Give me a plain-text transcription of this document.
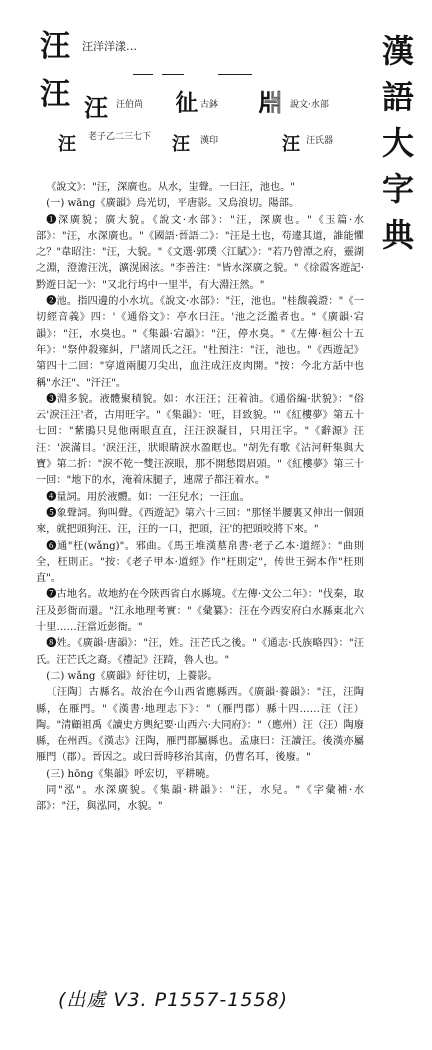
漢
語
大
字
典
汪 汪洋洋漾…
汪 汪 汪伯尚 𢓊 古鉢 𣶒 說文·水部
汪 老子乙二三七下 汪 漢印	汪 汪氏器

《說文》："汪，深廣也。从水，㞷聲。一曰汪，池也。"

(一) wāng《廣韻》烏光切，平唐影。又烏浪切。陽部。

❶深廣貌；廣大貌。《說文·水部》："汪，深廣也。"《玉篇·水部》："汪，水深廣也。"《國語·晉語二》："汪是土也，苟違其道，誰能懼之？"韋昭注："汪，大貌。"《文選·郭璞〈江賦〉》："若乃曾潭之府，靈湖之淵，澄澹汪洸，瀇滉囦泫。"李善注："皆水深廣之貌。"《徐霞客遊記·黔遊日記一》："又北行坞中一里半，有大淵汪然。"

❷池。指四邊的小水坑。《說文·水部》："汪，池也。"桂馥義證："《一切經音義》四：'《通俗文》：亭水曰汪。'池之泛濫者也。"《廣韻·宕韻》："汪，水臭也。"《集韻·宕韻》："汪，停水臭。"《左傳·桓公十五年》："祭仲殺雍糾，尸諸周氏之汪。"杜預注："汪，池也。"《西遊記》第四十二回："穿道兩腿刀尖出，血注成汪皮肉開。"按：今北方話中也稱"水汪"、"汗汪"。

❸淵多貌。液體聚積貌。如：水汪汪；汪着油。《通俗編·狀貌》："俗云'淚汪汪'者，古用旺字。"《集韻》：'旺，目致貌。'"《紅樓夢》第五十七回："紫鵑只見他兩眼直直，汪汪淚凝目，只用汪字。"《辭源》汪汪：'淚滿目。'淚汪汪，狀眼睛淚水盈眶也。"胡先有歌《沾河軒集與大寶》第二折："淚不乾一雙汪淚眼，那不開愁悶眉頭。"《紅樓夢》第三十一回："地下的水，淹着床腿子，連蓆子都汪着水。"

❹量詞。用於液體。如：一汪兒水；一汪血。

❺象聲詞。狗叫聲。《西遊記》第六十三回："那怪半腰裏又伸出一個頭來，就把頭狗汪、汪，汪的一口，把頭，汪'的把頭咬將下來。"

❻通"枉(wǎng)"。邪曲。《馬王堆漢墓帛書·老子乙本·道經》："曲則全，枉則正。"按：《老子甲本·道經》作"枉則定"，传世王弼本作"枉則直"。

❼古地名。故地約在今陝西省白水縣境。《左傳·文公二年》："伐秦，取汪及彭衙而還。"江永地理考實："《彙纂》：汪在今西安府白水縣東北六十里……汪當近彭衙。"

❽姓。《廣韻·唐韻》："汪，姓。汪芒氏之後。"《通志·氏族略四》："汪氏。汪芒氏之裔。《禮記》汪踦，魯人也。"

(二) wǎng《廣韻》紆往切，上養影。

〔汪陶〕古縣名。故治在今山西省應縣西。《廣韻·養韻》："汪，汪陶縣，在雁門。"《漢書·地理志下》："（雁門郡）縣十四……汪（汪）陶。"清顧祖禹《讀史方輿紀要·山西六·大同府》："（應州）汪（汪）陶廢縣，在州西。《漢志》汪陶，雁門郡屬縣也。孟康曰：汪讀汪。後漢亦屬雁門（郡）。晉因之。或曰晉時移治其南，仍曹名耳，後廢。"

(三) hōng《集韻》呼宏切，平耕曉。

同"泓"。水深廣貌。《集韻·耕韻》："汪，水兒。"《字彙補·水部》："汪，與泓同，水貌。"

(出處 V3. P1557-1558)
